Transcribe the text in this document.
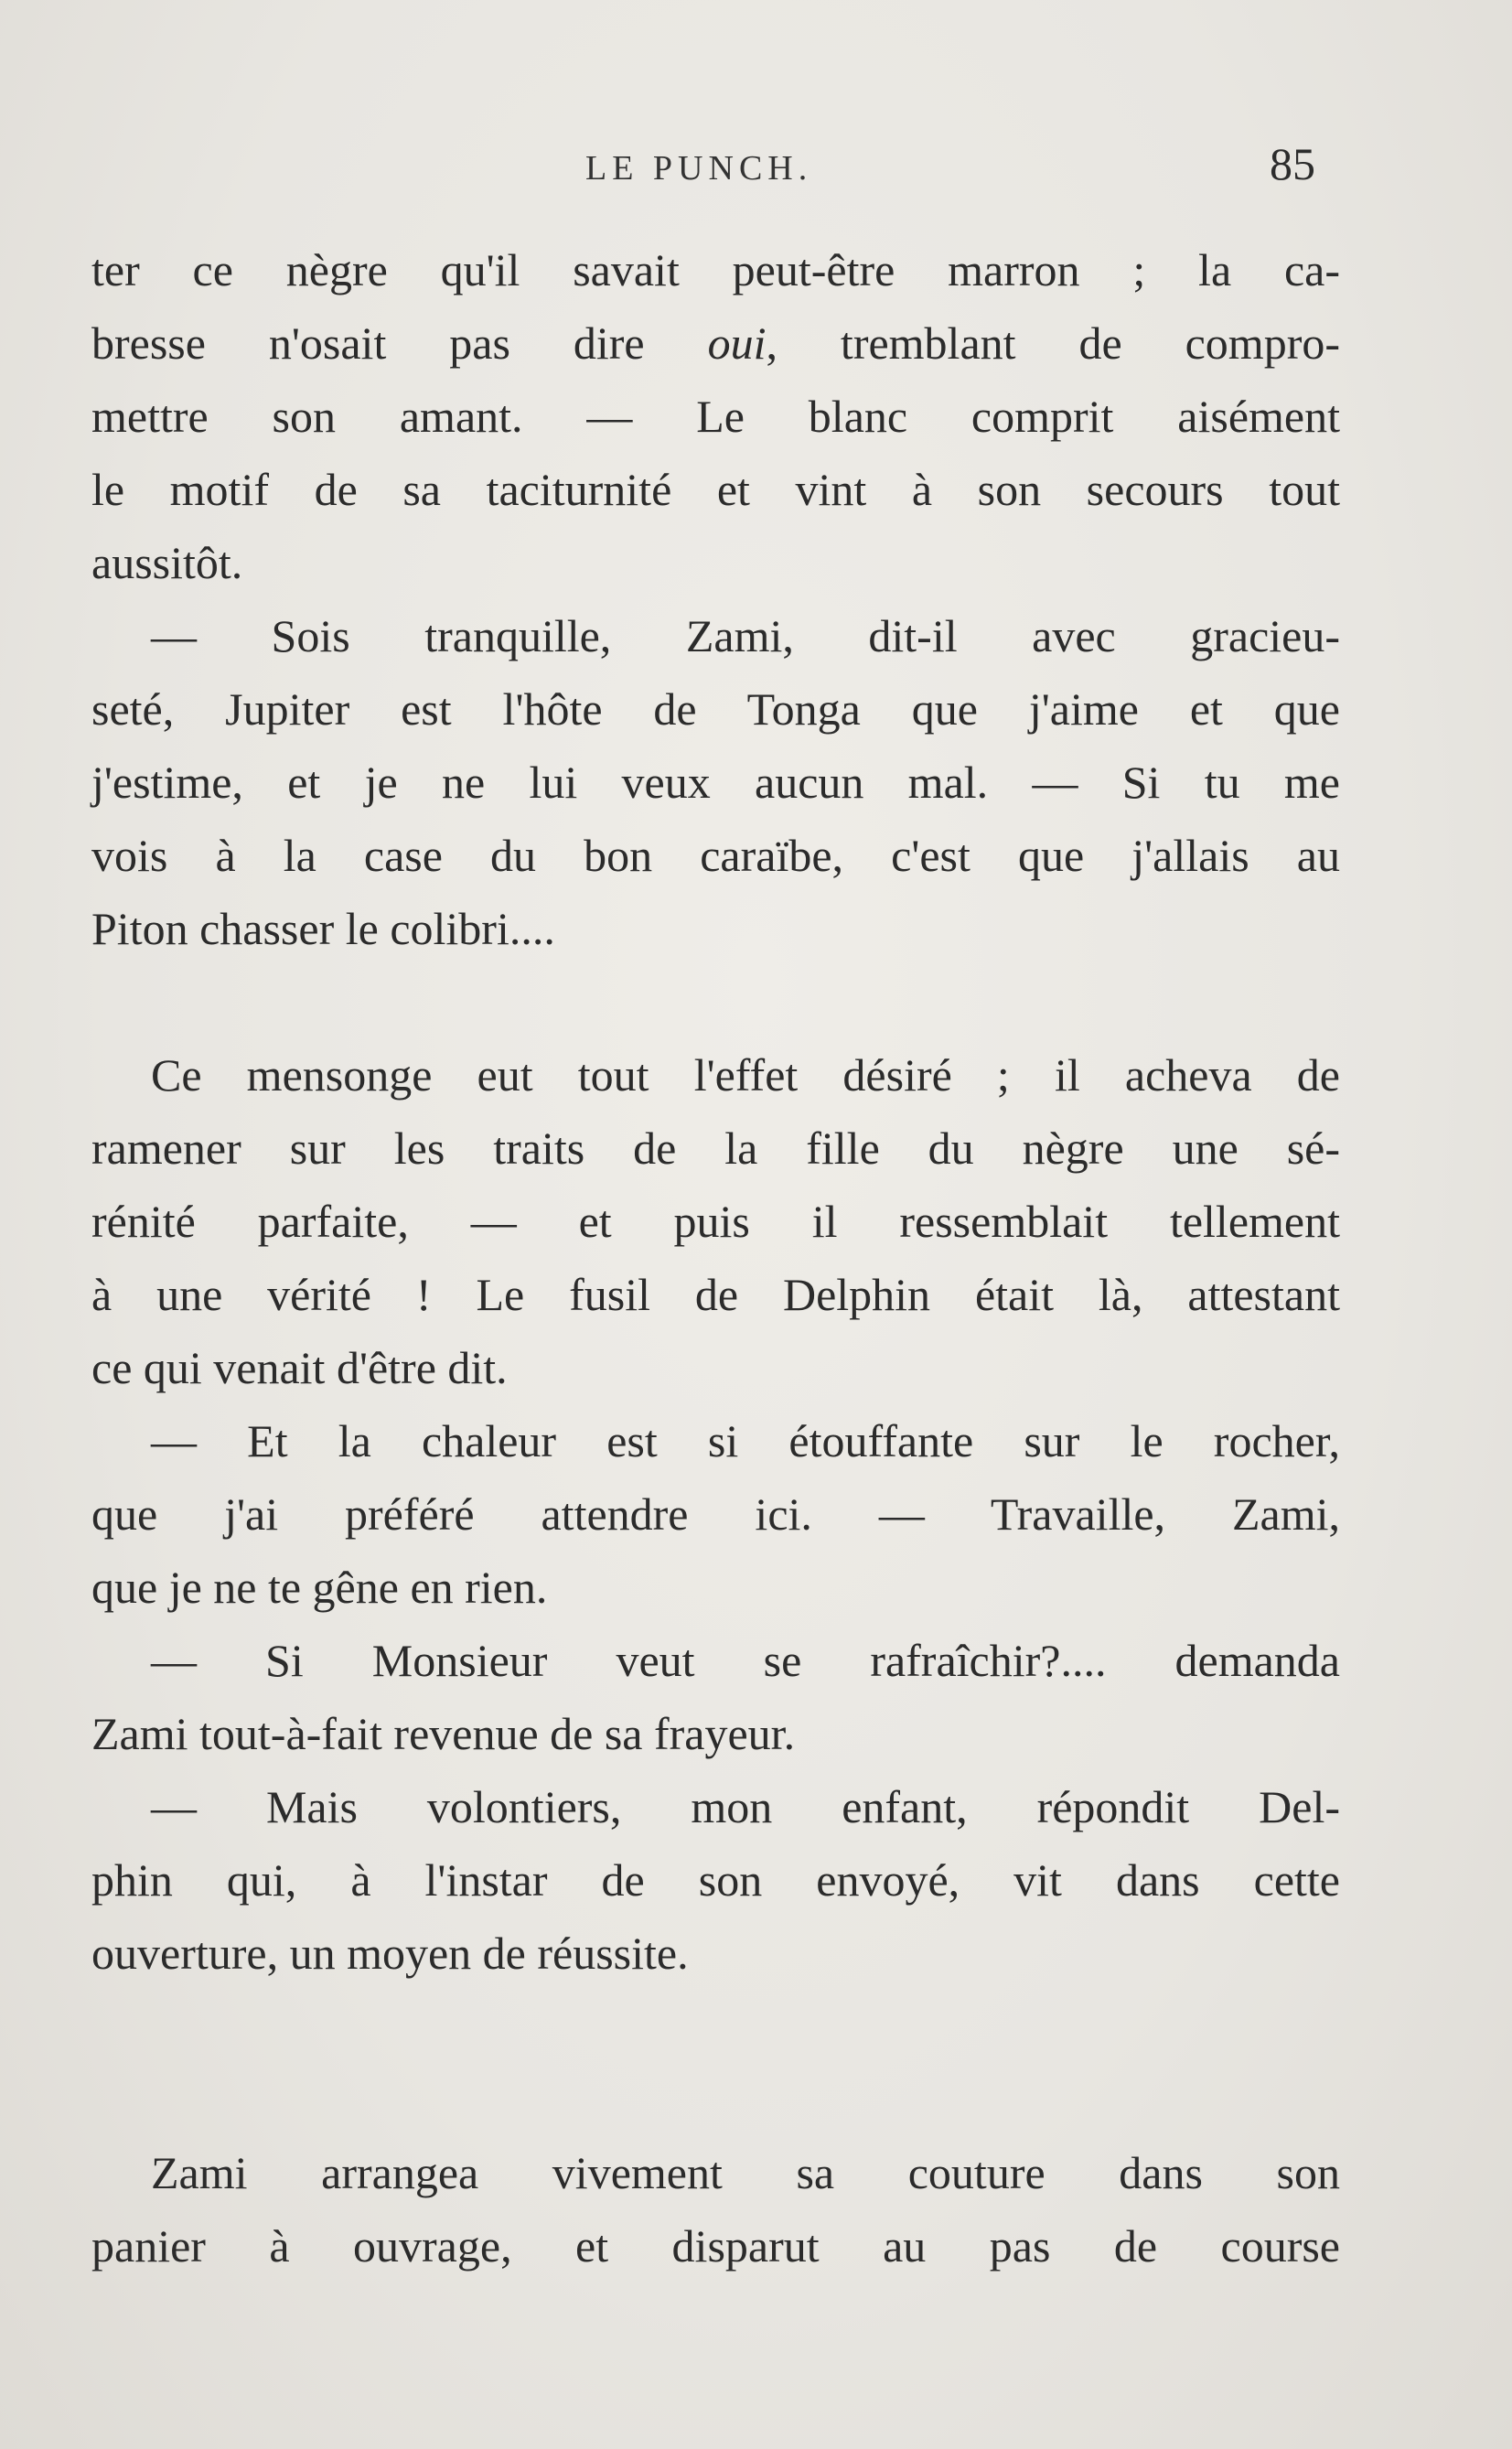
LE PUNCH.	85
ter ce nègre qu'il savait peut-être marron ; la ca-
bresse n'osait pas dire oui, tremblant de compro-
mettre son amant. — Le blanc comprit aisément
le motif de sa taciturnité et vint à son secours tout
aussitôt.
— Sois tranquille, Zami, dit-il avec gracieu-
seté, Jupiter est l'hôte de Tonga que j'aime et que
j'estime, et je ne lui veux aucun mal. — Si tu me
vois à la case du bon caraïbe, c'est que j'allais au
Piton chasser le colibri....
Ce mensonge eut tout l'effet désiré ; il acheva de
ramener sur les traits de la fille du nègre une sé-
rénité parfaite, — et puis il ressemblait tellement
à une vérité ! Le fusil de Delphin était là, attestant
ce qui venait d'être dit.
— Et la chaleur est si étouffante sur le rocher,
que j'ai préféré attendre ici. — Travaille, Zami,
que je ne te gêne en rien.
— Si Monsieur veut se rafraîchir?.... demanda
Zami tout-à-fait revenue de sa frayeur.
— Mais volontiers, mon enfant, répondit Del-
phin qui, à l'instar de son envoyé, vit dans cette
ouverture, un moyen de réussite.
Zami arrangea vivement sa couture dans son
panier à ouvrage, et disparut au pas de course
